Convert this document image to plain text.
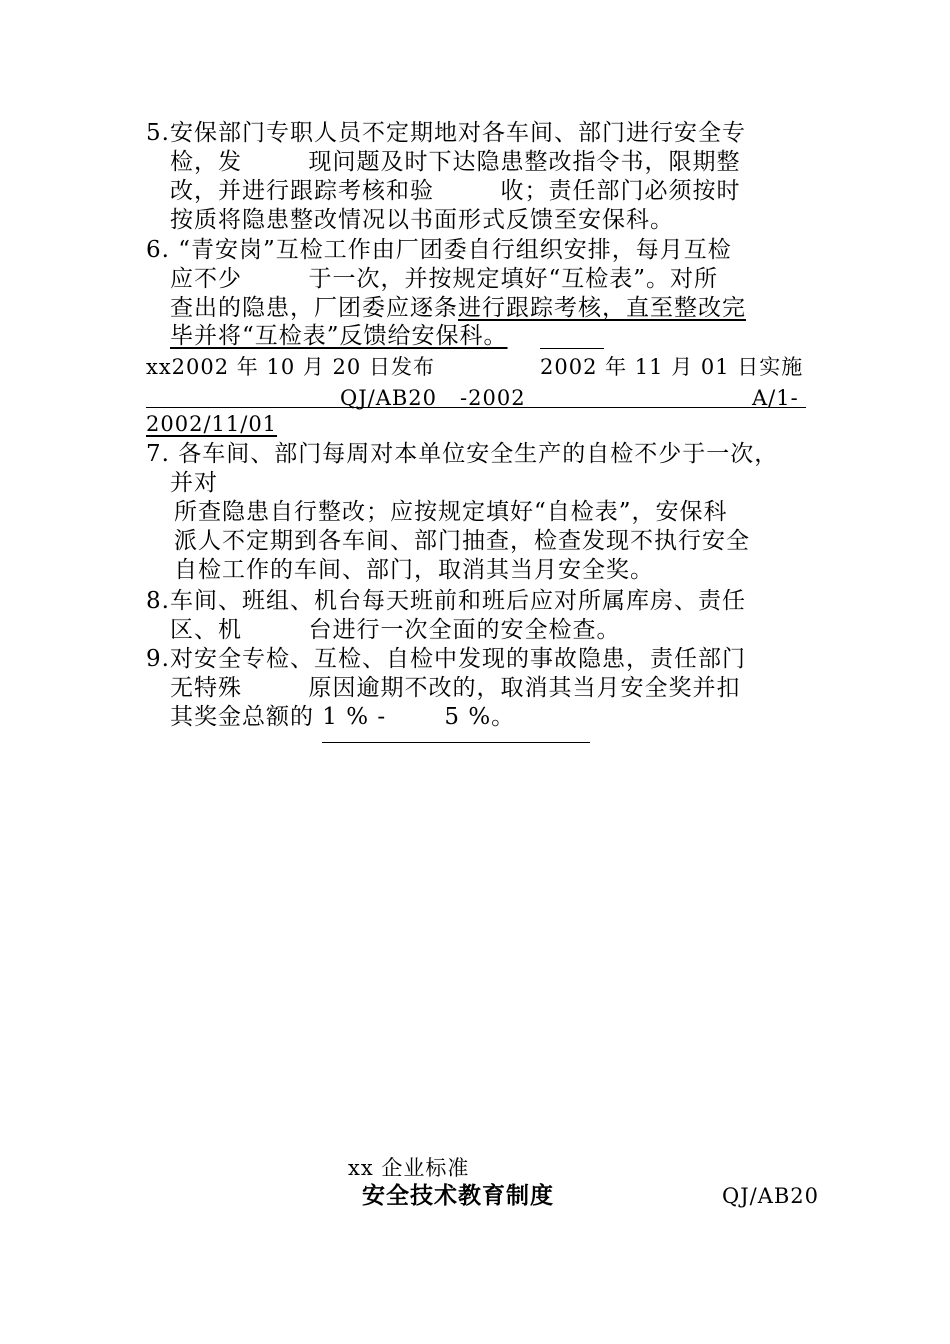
5.安保部门专职人员不定期地对各车间、部门进行安全专
检，发        现问题及时下达隐患整改指令书，限期整
改，并进行跟踪考核和验        收；责任部门必须按时
按质将隐患整改情况以书面形式反馈至安保科。
6. “青安岗”互检工作由厂团委自行组织安排，每月互检
应不少        于一次，并按规定填好“互检表”。对所
查出的隐患，厂团委应逐条进行跟踪考核，直至整改完
毕并将“互检表”反馈给安保科。
xx2002 年 10 月 20 日发布	2002 年 11 月 01 日实施
QJ/AB20   -2002	A/1-
2002/11/01
7. 各车间、部门每周对本单位安全生产的自检不少于一次，
并对
所查隐患自行整改；应按规定填好“自检表”，安保科
派人不定期到各车间、部门抽查，检查发现不执行安全
自检工作的车间、部门，取消其当月安全奖。
8.车间、班组、机台每天班前和班后应对所属库房、责任
区、机        台进行一次全面的安全检查。
9.对安全专检、互检、自检中发现的事故隐患，责任部门
无特殊        原因逾期不改的，取消其当月安全奖并扣
其奖金总额的 1 % -       5 %。
xx 企业标准
安全技术教育制度	QJ/AB20
